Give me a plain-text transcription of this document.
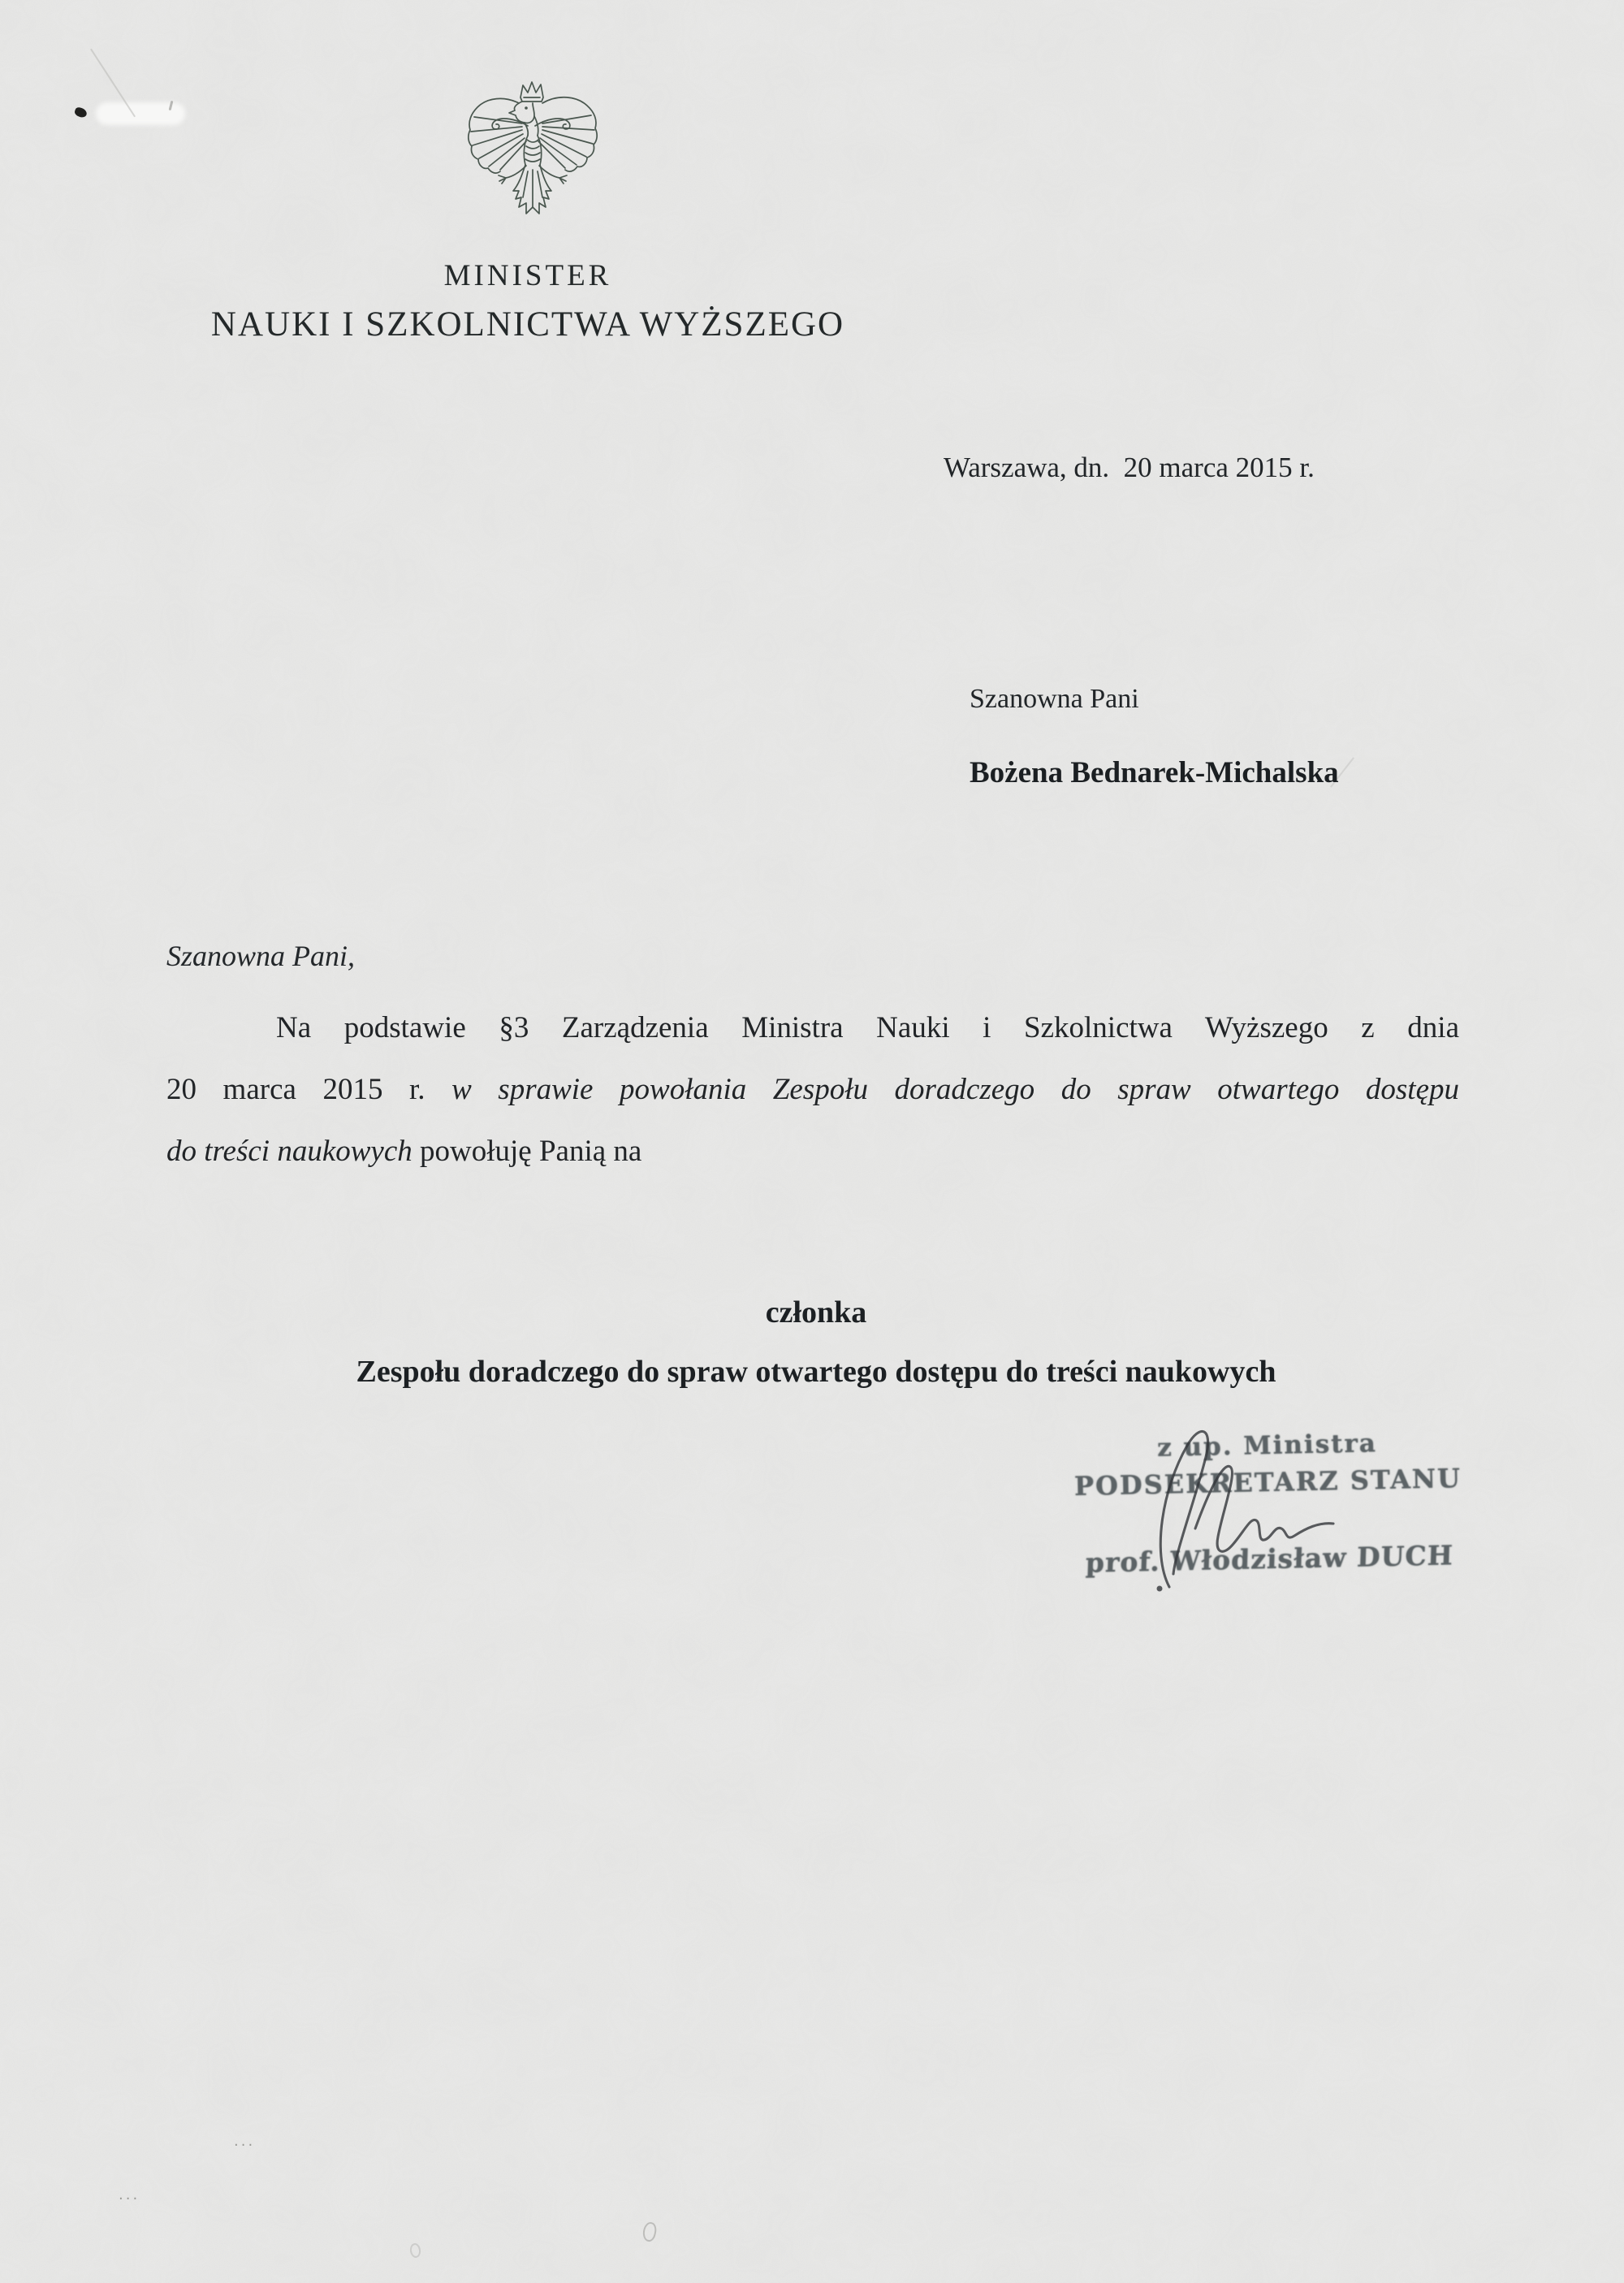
MINISTER
NAUKI I SZKOLNICTWA WYŻSZEGO
Warszawa, dn.  20 marca 2015 r.
Szanowna Pani
Bożena Bednarek-Michalska
Szanowna Pani,
Na podstawie §3 Zarządzenia Ministra Nauki i Szkolnictwa Wyższego z dnia
20 marca 2015 r. w sprawie powołania Zespołu doradczego do spraw otwartego dostępu
do treści naukowych powołuję Panią na
członka
Zespołu doradczego do spraw otwartego dostępu do treści naukowych
z up. Ministra
PODSEKRETARZ STANU
prof. Włodzisław DUCH
...
...
